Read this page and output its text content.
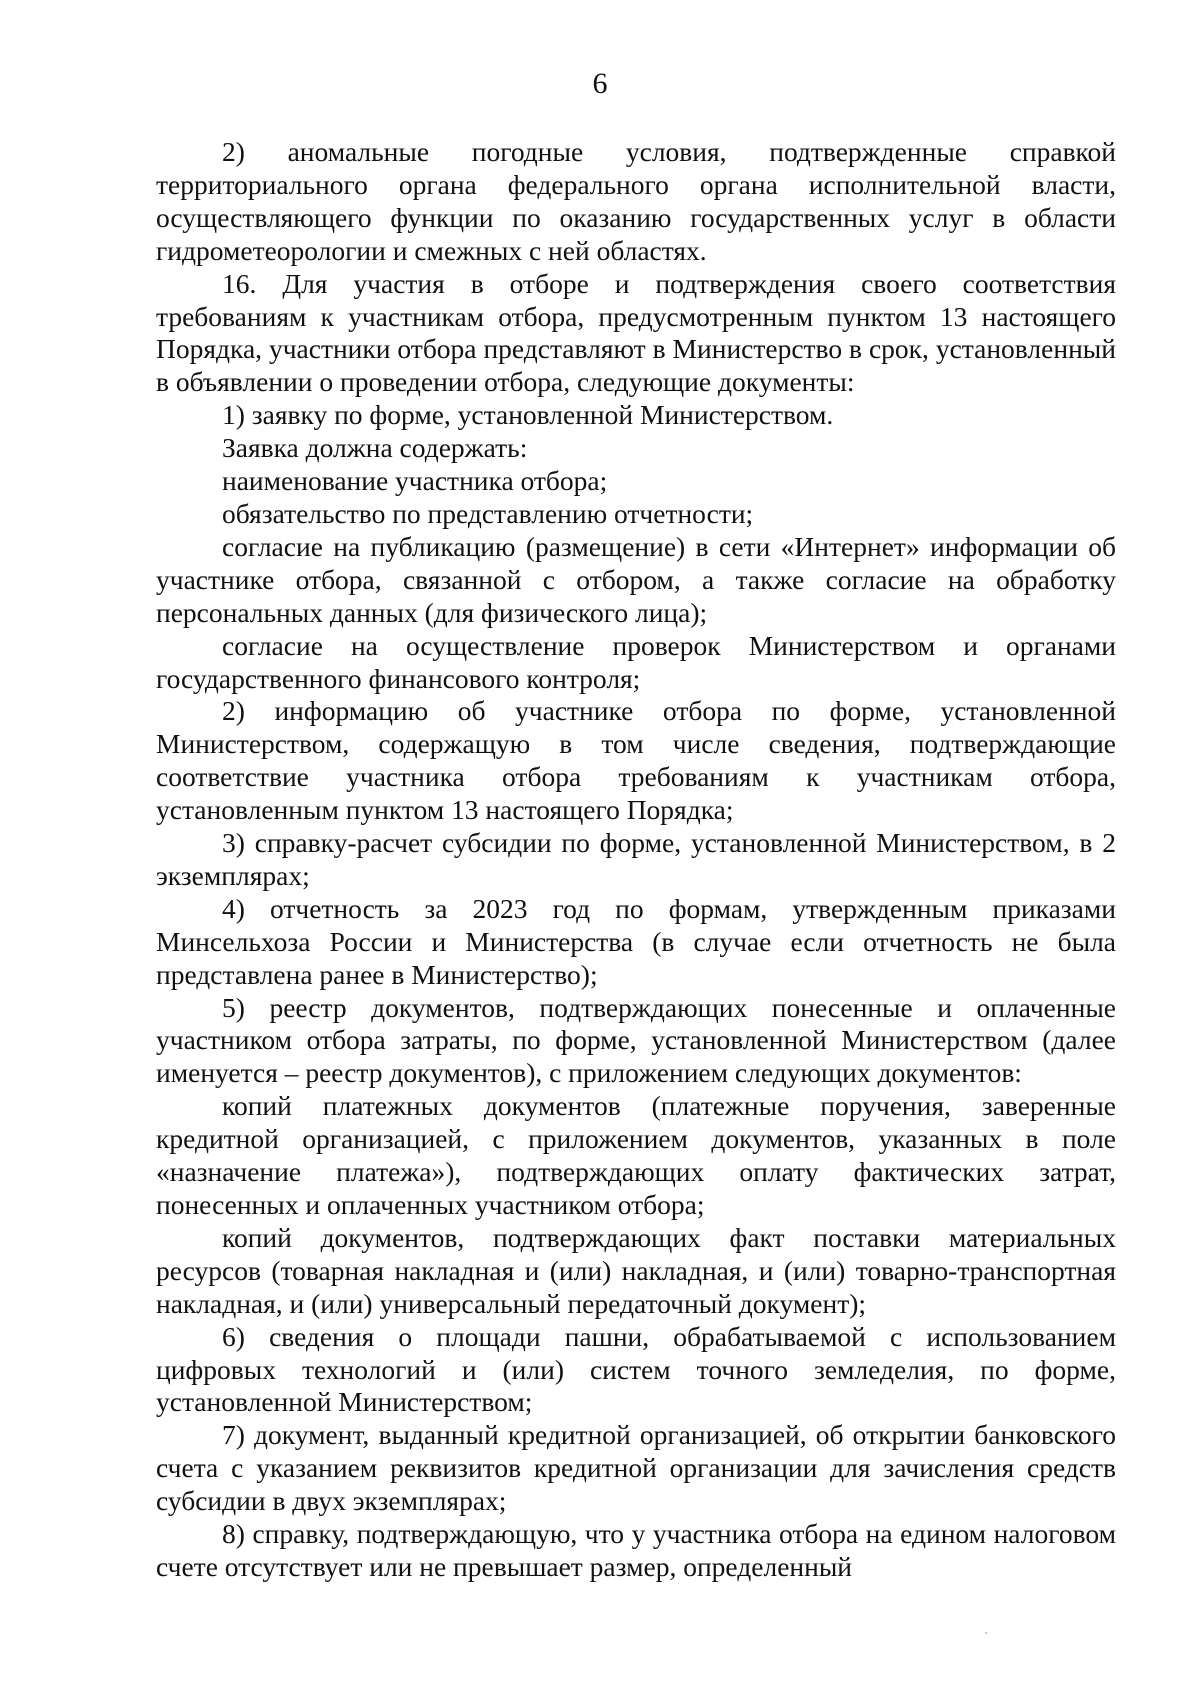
6

2) аномальные погодные условия, подтвержденные справкой территориального органа федерального органа исполнительной власти, осуществляющего функции по оказанию государственных услуг в области гидрометеорологии и смежных с ней областях.

16. Для участия в отборе и подтверждения своего соответствия требованиям к участникам отбора, предусмотренным пунктом 13 настоящего Порядка, участники отбора представляют в Министерство в срок, установленный в объявлении о проведении отбора, следующие документы:

1) заявку по форме, установленной Министерством.

Заявка должна содержать:

наименование участника отбора;

обязательство по представлению отчетности;

согласие на публикацию (размещение) в сети «Интернет» информации об участнике отбора, связанной с отбором, а также согласие на обработку персональных данных (для физического лица);

согласие на осуществление проверок Министерством и органами государственного финансового контроля;

2) информацию об участнике отбора по форме, установленной Министерством, содержащую в том числе сведения, подтверждающие соответствие участника отбора требованиям к участникам отбора, установленным пунктом 13 настоящего Порядка;

3) справку-расчет субсидии по форме, установленной Министерством, в 2 экземплярах;

4) отчетность за 2023 год по формам, утвержденным приказами Минсельхоза России и Министерства (в случае если отчетность не была представлена ранее в Министерство);

5) реестр документов, подтверждающих понесенные и оплаченные участником отбора затраты, по форме, установленной Министерством (далее именуется – реестр документов), с приложением следующих документов:

копий платежных документов (платежные поручения, заверенные кредитной организацией, с приложением документов, указанных в поле «назначение платежа»), подтверждающих оплату фактических затрат, понесенных и оплаченных участником отбора;

копий документов, подтверждающих факт поставки материальных ресурсов (товарная накладная и (или) накладная, и (или) товарно-транспортная накладная, и (или) универсальный передаточный документ);

6) сведения о площади пашни, обрабатываемой с использованием цифровых технологий и (или) систем точного земледелия, по форме, установленной Министерством;

7) документ, выданный кредитной организацией, об открытии банковского счета с указанием реквизитов кредитной организации для зачисления средств субсидии в двух экземплярах;

8) справку, подтверждающую, что у участника отбора на едином налоговом счете отсутствует или не превышает размер, определенный
